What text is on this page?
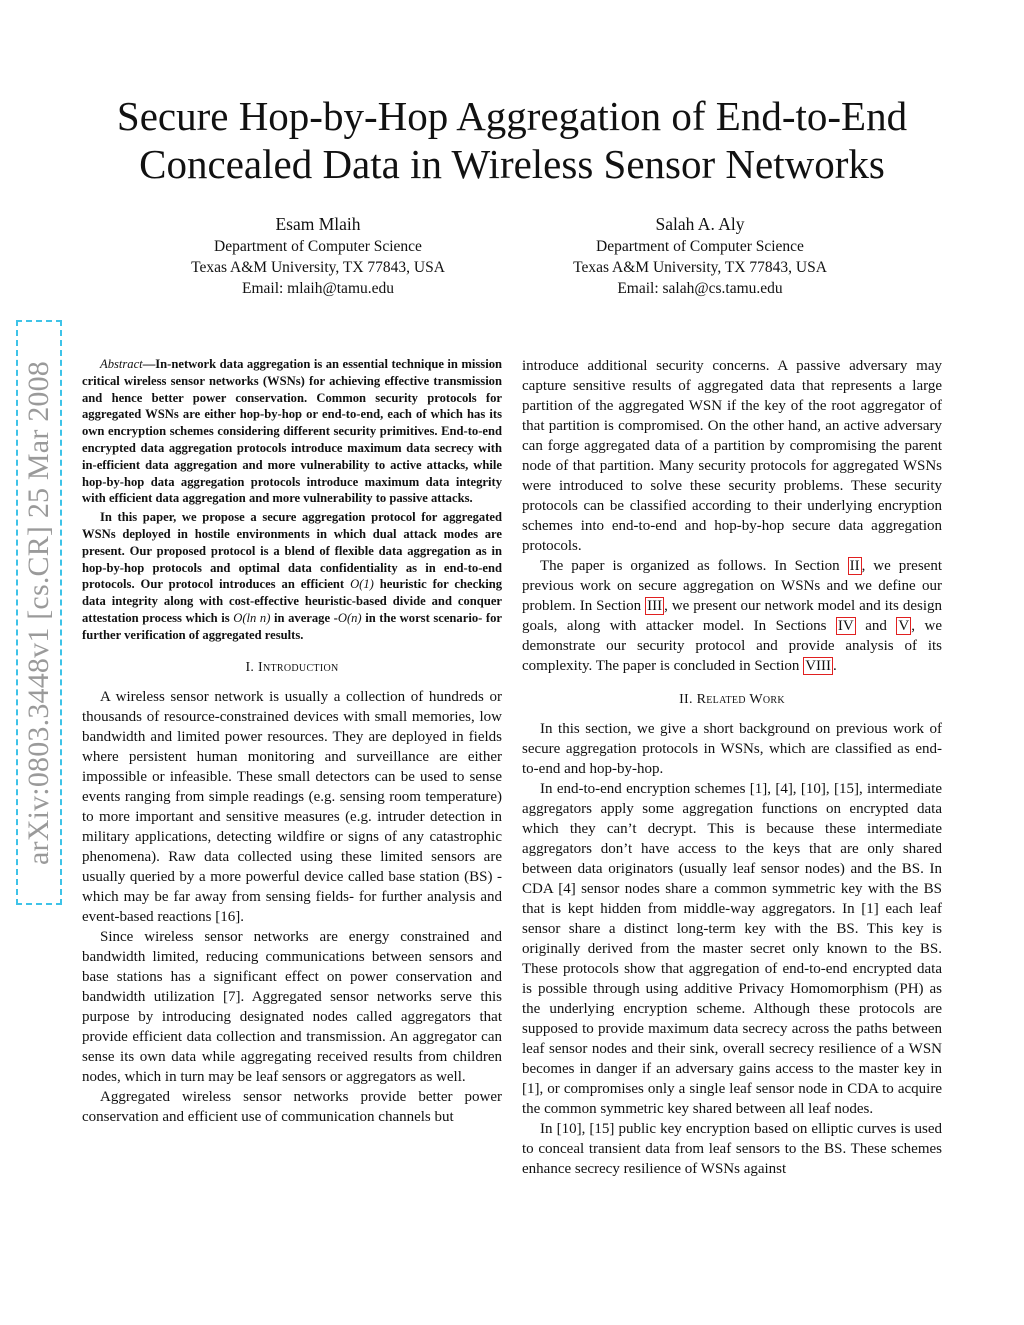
Secure Hop-by-Hop Aggregation of End-to-End Concealed Data in Wireless Sensor Networks
Esam Mlaih
Department of Computer Science
Texas A&M University, TX 77843, USA
Email: mlaih@tamu.edu
Salah A. Aly
Department of Computer Science
Texas A&M University, TX 77843, USA
Email: salah@cs.tamu.edu
arXiv:0803.3448v1 [cs.CR] 25 Mar 2008	Abstract — In-network data aggregation is an essential technique in mission critical wireless sensor networks (WSNs) for achieving effective transmission and hence better power conservation. Common security protocols for aggregated WSNs are either hop-by-hop or end-to-end, each of which has its own encryption schemes considering different security primitives. End-to-end encrypted data aggregation protocols introduce maximum data secrecy with in-efficient data aggregation and more vulnerability to active attacks, while hop-by-hop data aggregation protocols introduce maximum data integrity with efficient data aggregation and more vulnerability to passive attacks.

In this paper, we propose a secure aggregation protocol for aggregated WSNs deployed in hostile environments in which dual attack modes are present. Our proposed protocol is a blend of flexible data aggregation as in hop-by-hop protocols and optimal data confidentiality as in end-to-end protocols. Our protocol introduces an efficient O(1) heuristic for checking data integrity along with cost-effective heuristic-based divide and conquer attestation process which is O(ln n) in average -O(n) in the worst scenario- for further verification of aggregated results.

I. Introduction

A wireless sensor network is usually a collection of hundreds or thousands of resource-constrained devices with small memories, low bandwidth and limited power resources. They are deployed in fields where persistent human monitoring and surveillance are either impossible or infeasible. These small detectors can be used to sense events ranging from simple readings (e.g. sensing room temperature) to more important and sensitive measures (e.g. intruder detection in military applications, detecting wildfire or signs of any catastrophic phenomena). Raw data collected using these limited sensors are usually queried by a more powerful device called base station (BS) -which may be far away from sensing fields- for further analysis and event-based reactions [16].

Since wireless sensor networks are energy constrained and bandwidth limited, reducing communications between sensors and base stations has a significant effect on power conservation and bandwidth utilization [7]. Aggregated sensor networks serve this purpose by introducing designated nodes called aggregators that provide efficient data collection and transmission. An aggregator can sense its own data while aggregating received results from children nodes, which in turn may be leaf sensors or aggregators as well.

Aggregated wireless sensor networks provide better power conservation and efficient use of communication channels but

introduce additional security concerns. A passive adversary may capture sensitive results of aggregated data that represents a large partition of the aggregated WSN if the key of the root aggregator of that partition is compromised. On the other hand, an active adversary can forge aggregated data of a partition by compromising the parent node of that partition. Many security protocols for aggregated WSNs were introduced to solve these security problems. These security protocols can be classified according to their underlying encryption schemes into end-to-end and hop-by-hop secure data aggregation protocols.

The paper is organized as follows. In Section II , we present previous work on secure aggregation on WSNs and we define our problem. In Section III , we present our network model and its design goals, along with attacker model. In Sections IV and V , we demonstrate our security protocol and provide analysis of its complexity. The paper is concluded in Section VIII .

II. Related Work

In this section, we give a short background on previous work of secure aggregation protocols in WSNs, which are classified as end-to-end and hop-by-hop.

In end-to-end encryption schemes [1], [4], [10], [15], intermediate aggregators apply some aggregation functions on encrypted data which they can’t decrypt. This is because these intermediate aggregators don’t have access to the keys that are only shared between data originators (usually leaf sensor nodes) and the BS. In CDA [4] sensor nodes share a common symmetric key with the BS that is kept hidden from middle-way aggregators. In [1] each leaf sensor share a distinct long-term key with the BS. This key is originally derived from the master secret only known to the BS. These protocols show that aggregation of end-to-end encrypted data is possible through using additive Privacy Homomorphism (PH) as the underlying encryption scheme. Although these protocols are supposed to provide maximum data secrecy across the paths between leaf sensor nodes and their sink, overall secrecy resilience of a WSN becomes in danger if an adversary gains access to the master key in [1], or compromises only a single leaf sensor node in CDA to acquire the common symmetric key shared between all leaf nodes.

In [10], [15] public key encryption based on elliptic curves is used to conceal transient data from leaf sensors to the BS. These schemes enhance secrecy resilience of WSNs against
